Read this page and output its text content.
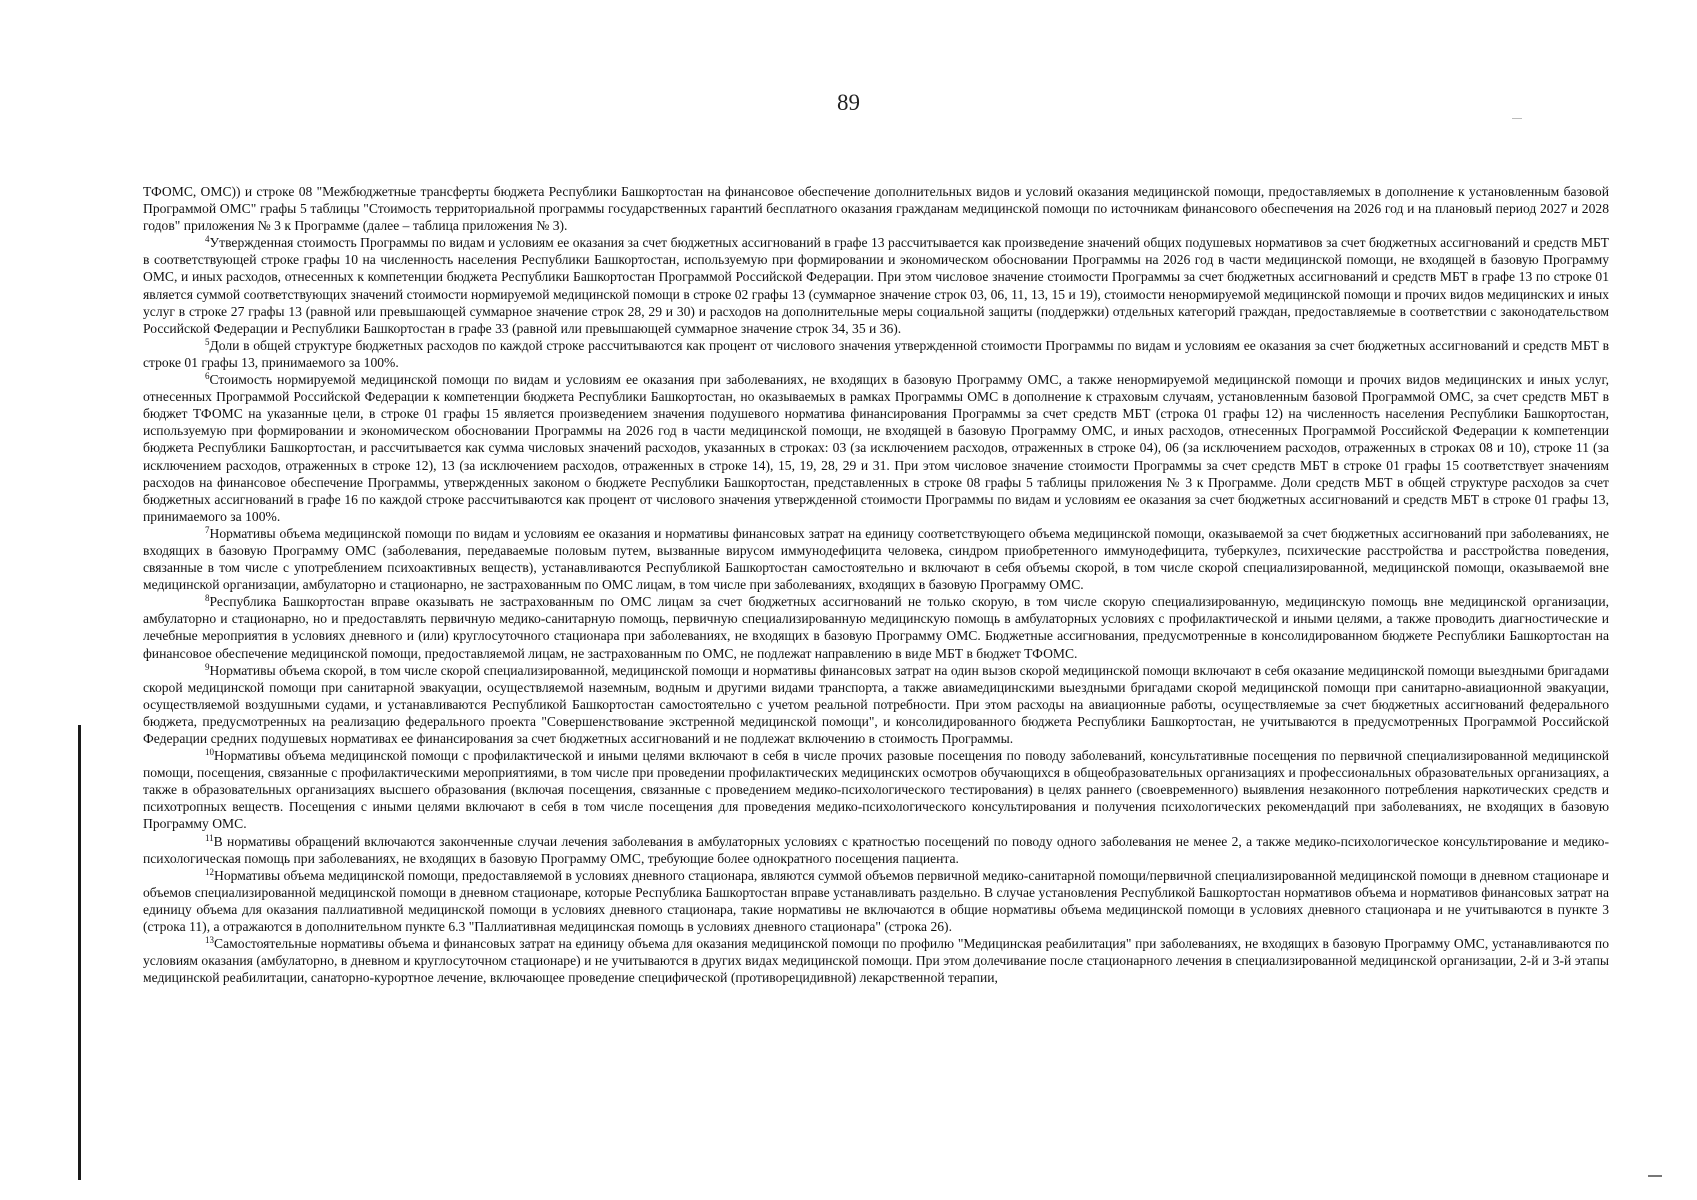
89

ТФОМС, ОМС)) и строке 08 "Межбюджетные трансферты бюджета Республики Башкортостан на финансовое обеспечение дополнительных видов и условий оказания медицинской помощи, предоставляемых в дополнение к установленным базовой Программой ОМС" графы 5 таблицы "Стоимость территориальной программы государственных гарантий бесплатного оказания гражданам медицинской помощи по источникам финансового обеспечения на 2026 год и на плановый период 2027 и 2028 годов" приложения № 3 к Программе (далее – таблица приложения № 3).

$^4$Утвержденная стоимость Программы по видам и условиям ее оказания за счет бюджетных ассигнований в графе 13 рассчитывается как произведение значений общих подушевых нормативов за счет бюджетных ассигнований и средств МБТ в соответствующей строке графы 10 на численность населения Республики Башкортостан, используемую при формировании и экономическом обосновании Программы на 2026 год в части медицинской помощи, не входящей в базовую Программу ОМС, и иных расходов, отнесенных к компетенции бюджета Республики Башкортостан Программой Российской Федерации. При этом числовое значение стоимости Программы за счет бюджетных ассигнований и средств МБТ в графе 13 по строке 01 является суммой соответствующих значений стоимости нормируемой медицинской помощи в строке 02 графы 13 (суммарное значение строк 03, 06, 11, 13, 15 и 19), стоимости ненормируемой медицинской помощи и прочих видов медицинских и иных услуг в строке 27 графы 13 (равной или превышающей суммарное значение строк 28, 29 и 30) и расходов на дополнительные меры социальной защиты (поддержки) отдельных категорий граждан, предоставляемые в соответствии с законодательством Российской Федерации и Республики Башкортостан в графе 33 (равной или превышающей суммарное значение строк 34, 35 и 36).

$^5$Доли в общей структуре бюджетных расходов по каждой строке рассчитываются как процент от числового значения утвержденной стоимости Программы по видам и условиям ее оказания за счет бюджетных ассигнований и средств МБТ в строке 01 графы 13, принимаемого за 100%.

$^6$Стоимость нормируемой медицинской помощи по видам и условиям ее оказания при заболеваниях, не входящих в базовую Программу ОМС, а также ненормируемой медицинской помощи и прочих видов медицинских и иных услуг, отнесенных Программой Российской Федерации к компетенции бюджета Республики Башкортостан, но оказываемых в рамках Программы ОМС в дополнение к страховым случаям, установленным базовой Программой ОМС, за счет средств МБТ в бюджет ТФОМС на указанные цели, в строке 01 графы 15 является произведением значения подушевого норматива финансирования Программы за счет средств МБТ (строка 01 графы 12) на численность населения Республики Башкортостан, используемую при формировании и экономическом обосновании Программы на 2026 год в части медицинской помощи, не входящей в базовую Программу ОМС, и иных расходов, отнесенных Программой Российской Федерации к компетенции бюджета Республики Башкортостан, и рассчитывается как сумма числовых значений расходов, указанных в строках: 03 (за исключением расходов, отраженных в строке 04), 06 (за исключением расходов, отраженных в строках 08 и 10), строке 11 (за исключением расходов, отраженных в строке 12), 13 (за исключением расходов, отраженных в строке 14), 15, 19, 28, 29 и 31. При этом числовое значение стоимости Программы за счет средств МБТ в строке 01 графы 15 соответствует значениям расходов на финансовое обеспечение Программы, утвержденных законом о бюджете Республики Башкортостан, представленных в строке 08 графы 5 таблицы приложения № 3 к Программе. Доли средств МБТ в общей структуре расходов за счет бюджетных ассигнований в графе 16 по каждой строке рассчитываются как процент от числового значения утвержденной стоимости Программы по видам и условиям ее оказания за счет бюджетных ассигнований и средств МБТ в строке 01 графы 13, принимаемого за 100%.

$^7$Нормативы объема медицинской помощи по видам и условиям ее оказания и нормативы финансовых затрат на единицу соответствующего объема медицинской помощи, оказываемой за счет бюджетных ассигнований при заболеваниях, не входящих в базовую Программу ОМС (заболевания, передаваемые половым путем, вызванные вирусом иммунодефицита человека, синдром приобретенного иммунодефицита, туберкулез, психические расстройства и расстройства поведения, связанные в том числе с употреблением психоактивных веществ), устанавливаются Республикой Башкортостан самостоятельно и включают в себя объемы скорой, в том числе скорой специализированной, медицинской помощи, оказываемой вне медицинской организации, амбулаторно и стационарно, не застрахованным по ОМС лицам, в том числе при заболеваниях, входящих в базовую Программу ОМС.

$^8$Республика Башкортостан вправе оказывать не застрахованным по ОМС лицам за счет бюджетных ассигнований не только скорую, в том числе скорую специализированную, медицинскую помощь вне медицинской организации, амбулаторно и стационарно, но и предоставлять первичную медико-санитарную помощь, первичную специализированную медицинскую помощь в амбулаторных условиях с профилактической и иными целями, а также проводить диагностические и лечебные мероприятия в условиях дневного и (или) круглосуточного стационара при заболеваниях, не входящих в базовую Программу ОМС. Бюджетные ассигнования, предусмотренные в консолидированном бюджете Республики Башкортостан на финансовое обеспечение медицинской помощи, предоставляемой лицам, не застрахованным по ОМС, не подлежат направлению в виде МБТ в бюджет ТФОМС.

$^9$Нормативы объема скорой, в том числе скорой специализированной, медицинской помощи и нормативы финансовых затрат на один вызов скорой медицинской помощи включают в себя оказание медицинской помощи выездными бригадами скорой медицинской помощи при санитарной эвакуации, осуществляемой наземным, водным и другими видами транспорта, а также авиамедицинскими выездными бригадами скорой медицинской помощи при санитарно-авиационной эвакуации, осуществляемой воздушными судами, и устанавливаются Республикой Башкортостан самостоятельно с учетом реальной потребности. При этом расходы на авиационные работы, осуществляемые за счет бюджетных ассигнований федерального бюджета, предусмотренных на реализацию федерального проекта "Совершенствование экстренной медицинской помощи", и консолидированного бюджета Республики Башкортостан, не учитываются в предусмотренных Программой Российской Федерации средних подушевых нормативах ее финансирования за счет бюджетных ассигнований и не подлежат включению в стоимость Программы.

$^{10}$Нормативы объема медицинской помощи с профилактической и иными целями включают в себя в числе прочих разовые посещения по поводу заболеваний, консультативные посещения по первичной специализированной медицинской помощи, посещения, связанные с профилактическими мероприятиями, в том числе при проведении профилактических медицинских осмотров обучающихся в общеобразовательных организациях и профессиональных образовательных организациях, а также в образовательных организациях высшего образования (включая посещения, связанные с проведением медико-психологического тестирования) в целях раннего (своевременного) выявления незаконного потребления наркотических средств и психотропных веществ. Посещения с иными целями включают в себя в том числе посещения для проведения медико-психологического консультирования и получения психологических рекомендаций при заболеваниях, не входящих в базовую Программу ОМС.

$^{11}$В нормативы обращений включаются законченные случаи лечения заболевания в амбулаторных условиях с кратностью посещений по поводу одного заболевания не менее 2, а также медико-психологическое консультирование и медико-психологическая помощь при заболеваниях, не входящих в базовую Программу ОМС, требующие более однократного посещения пациента.

$^{12}$Нормативы объема медицинской помощи, предоставляемой в условиях дневного стационара, являются суммой объемов первичной медико-санитарной помощи/первичной специализированной медицинской помощи в дневном стационаре и объемов специализированной медицинской помощи в дневном стационаре, которые Республика Башкортостан вправе устанавливать раздельно. В случае установления Республикой Башкортостан нормативов объема и нормативов финансовых затрат на единицу объема для оказания паллиативной медицинской помощи в условиях дневного стационара, такие нормативы не включаются в общие нормативы объема медицинской помощи в условиях дневного стационара и не учитываются в пункте 3 (строка 11), а отражаются в дополнительном пункте 6.3 "Паллиативная медицинская помощь в условиях дневного стационара" (строка 26).

$^{13}$Самостоятельные нормативы объема и финансовых затрат на единицу объема для оказания медицинской помощи по профилю "Медицинская реабилитация" при заболеваниях, не входящих в базовую Программу ОМС, устанавливаются по условиям оказания (амбулаторно, в дневном и круглосуточном стационаре) и не учитываются в других видах медицинской помощи. При этом долечивание после стационарного лечения в специализированной медицинской организации, 2-й и 3-й этапы медицинской реабилитации, санаторно-курортное лечение, включающее проведение специфической (противорецидивной) лекарственной терапии,
